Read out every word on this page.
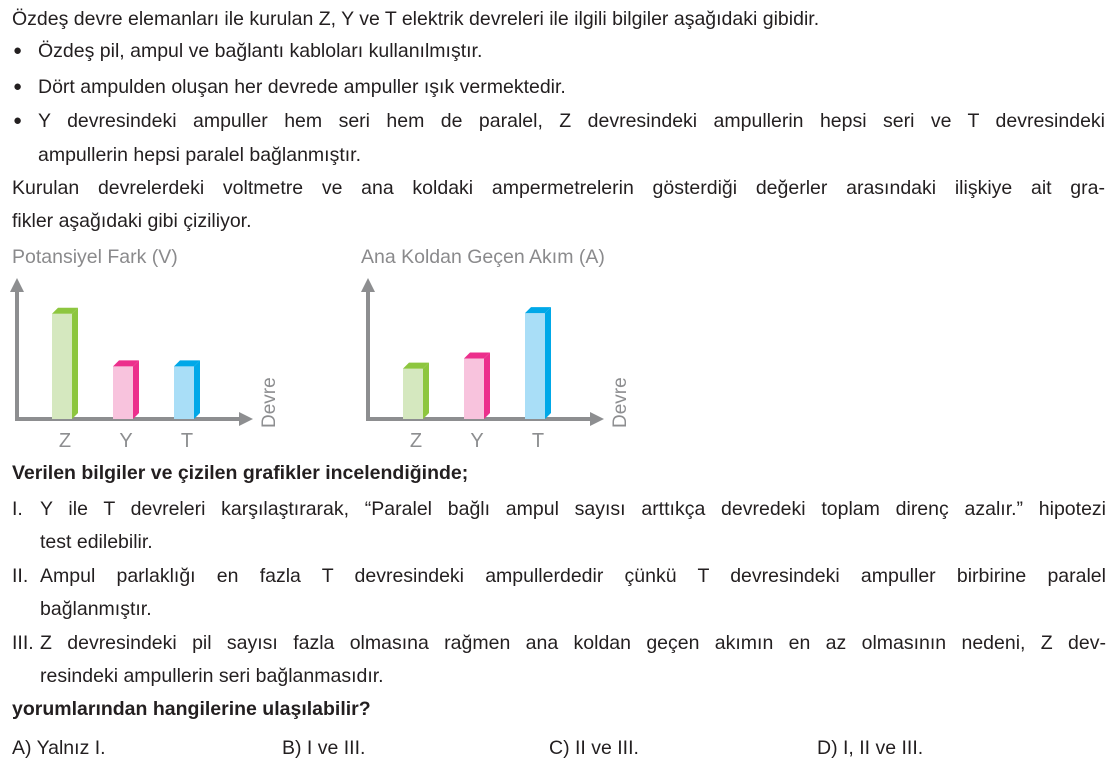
Özdeş devre elemanları ile kurulan Z, Y ve T elektrik devreleri ile ilgili bilgiler aşağıdaki gibidir.
● Özdeş pil, ampul ve bağlantı kabloları kullanılmıştır.
● Dört ampulden oluşan her devrede ampuller ışık vermektedir.
● Y devresindeki ampuller hem seri hem de paralel, Z devresindeki ampullerin hepsi seri ve T devresindeki
ampullerin hepsi paralel bağlanmıştır.
Kurulan devrelerdeki voltmetre ve ana koldaki ampermetrelerin gösterdiği değerler arasındaki ilişkiye ait gra-
fikler aşağıdaki gibi çiziliyor.
Potansiyel Fark (V)	Ana Koldan Geçen Akım (A)
Devre
Z Y T
Devre
Z Y T
Verilen bilgiler ve çizilen grafikler incelendiğinde;
I. Y ile T devreleri karşılaştırarak, “Paralel bağlı ampul sayısı arttıkça devredeki toplam direnç azalır.” hipotezi
test edilebilir.
II. Ampul parlaklığı en fazla T devresindeki ampullerdedir çünkü T devresindeki ampuller birbirine paralel
bağlanmıştır.
III. Z devresindeki pil sayısı fazla olmasına rağmen ana koldan geçen akımın en az olmasının nedeni, Z dev-
resindeki ampullerin seri bağlanmasıdır.
yorumlarından hangilerine ulaşılabilir?
A) Yalnız I.	B) I ve III.	C) II ve III.	D) I, II ve III.
